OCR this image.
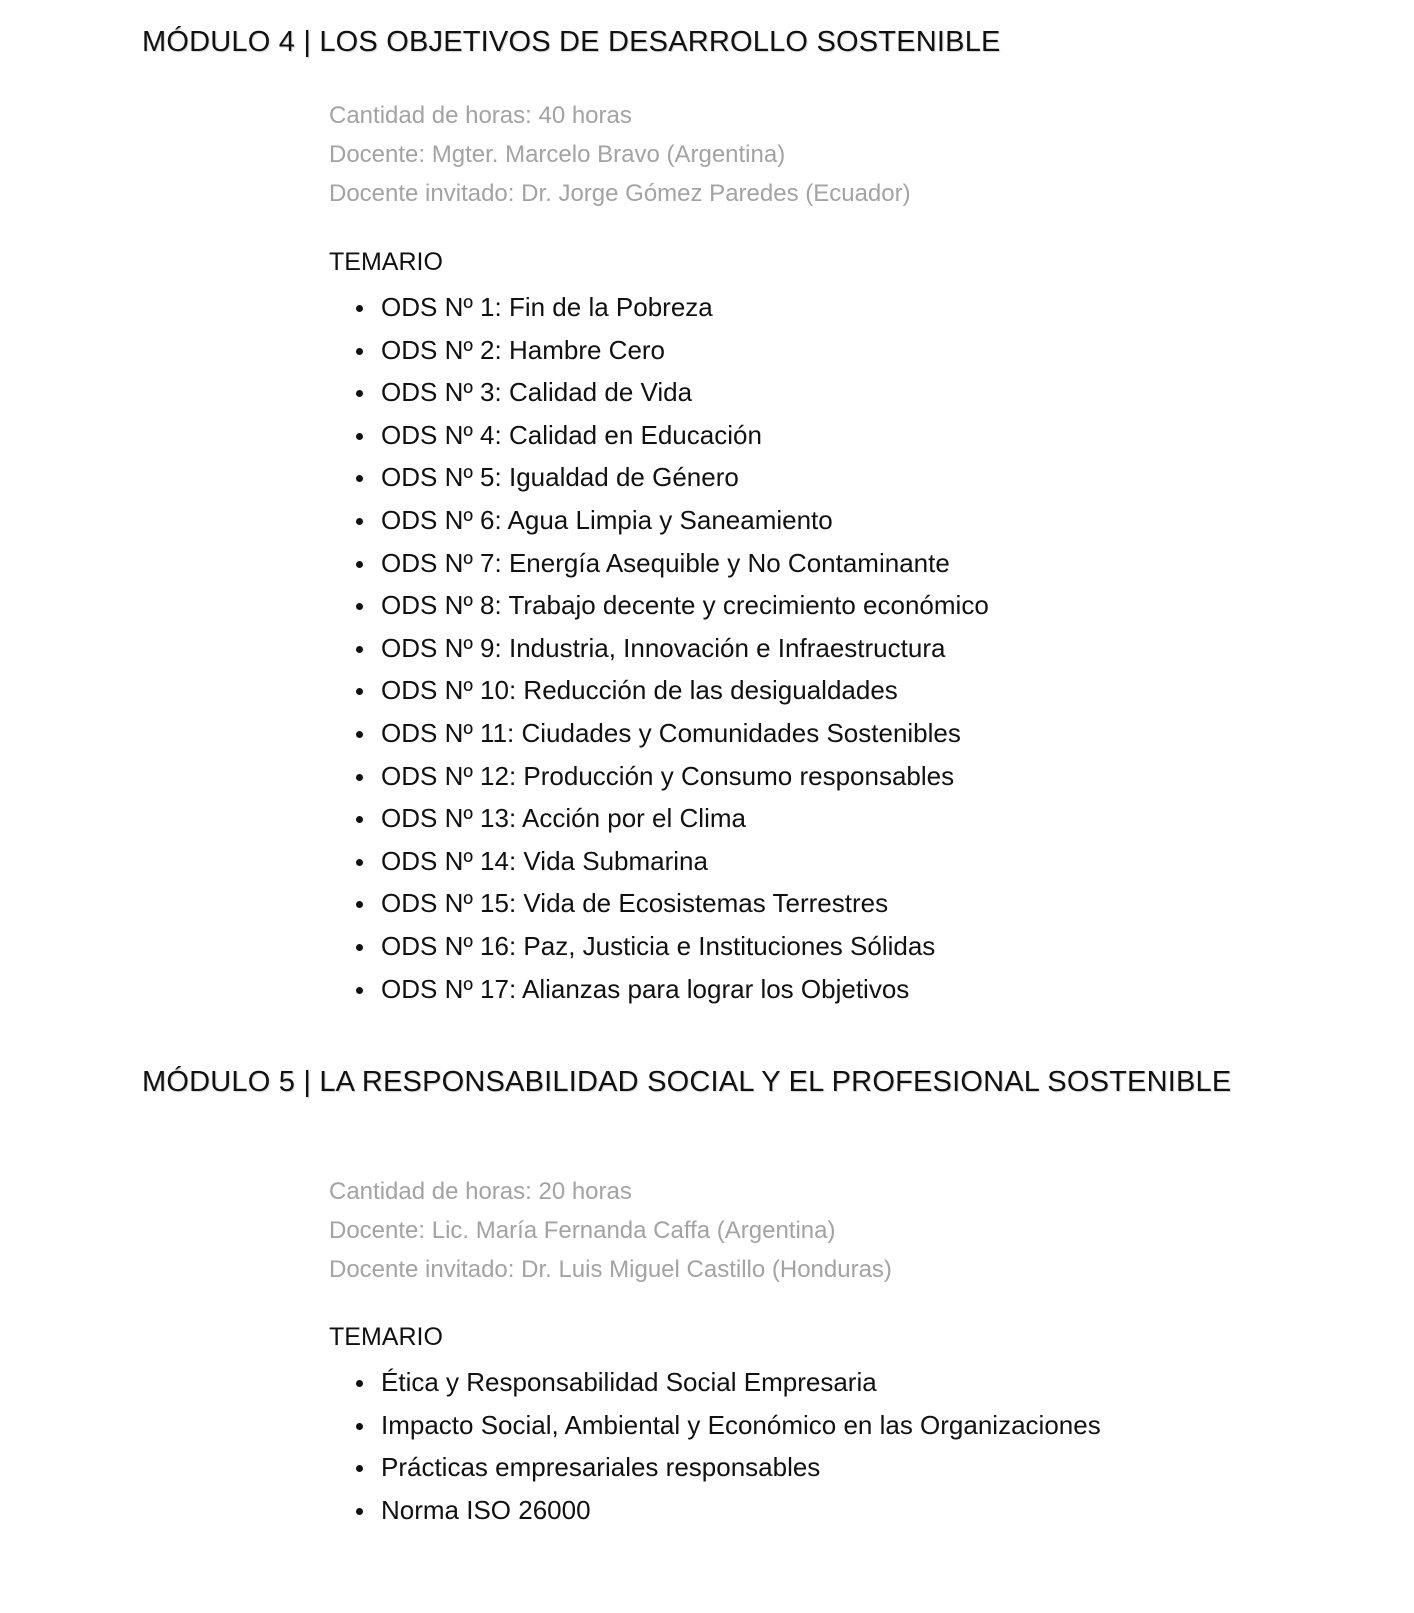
MÓDULO 4 | LOS OBJETIVOS DE DESARROLLO SOSTENIBLE
Cantidad de horas: 40 horas
Docente: Mgter. Marcelo Bravo (Argentina)
Docente invitado: Dr. Jorge Gómez Paredes (Ecuador)
TEMARIO
ODS Nº 1: Fin de la Pobreza
ODS Nº 2: Hambre Cero
ODS Nº 3: Calidad de Vida
ODS Nº 4: Calidad en Educación
ODS Nº 5: Igualdad de Género
ODS Nº 6: Agua Limpia y Saneamiento
ODS Nº 7: Energía Asequible y No Contaminante
ODS Nº 8: Trabajo decente y crecimiento económico
ODS Nº 9: Industria, Innovación e Infraestructura
ODS Nº 10: Reducción de las desigualdades
ODS Nº 11: Ciudades y Comunidades Sostenibles
ODS Nº 12: Producción y Consumo responsables
ODS Nº 13: Acción por el Clima
ODS Nº 14: Vida Submarina
ODS Nº 15: Vida de Ecosistemas Terrestres
ODS Nº 16: Paz, Justicia e Instituciones Sólidas
ODS Nº 17: Alianzas para lograr los Objetivos
MÓDULO 5 | LA RESPONSABILIDAD SOCIAL Y EL PROFESIONAL SOSTENIBLE
Cantidad de horas: 20 horas
Docente: Lic. María Fernanda Caffa (Argentina)
Docente invitado: Dr. Luis Miguel Castillo (Honduras)
TEMARIO
Ética y Responsabilidad Social Empresaria
Impacto Social, Ambiental y Económico en las Organizaciones
Prácticas empresariales responsables
Norma ISO 26000
